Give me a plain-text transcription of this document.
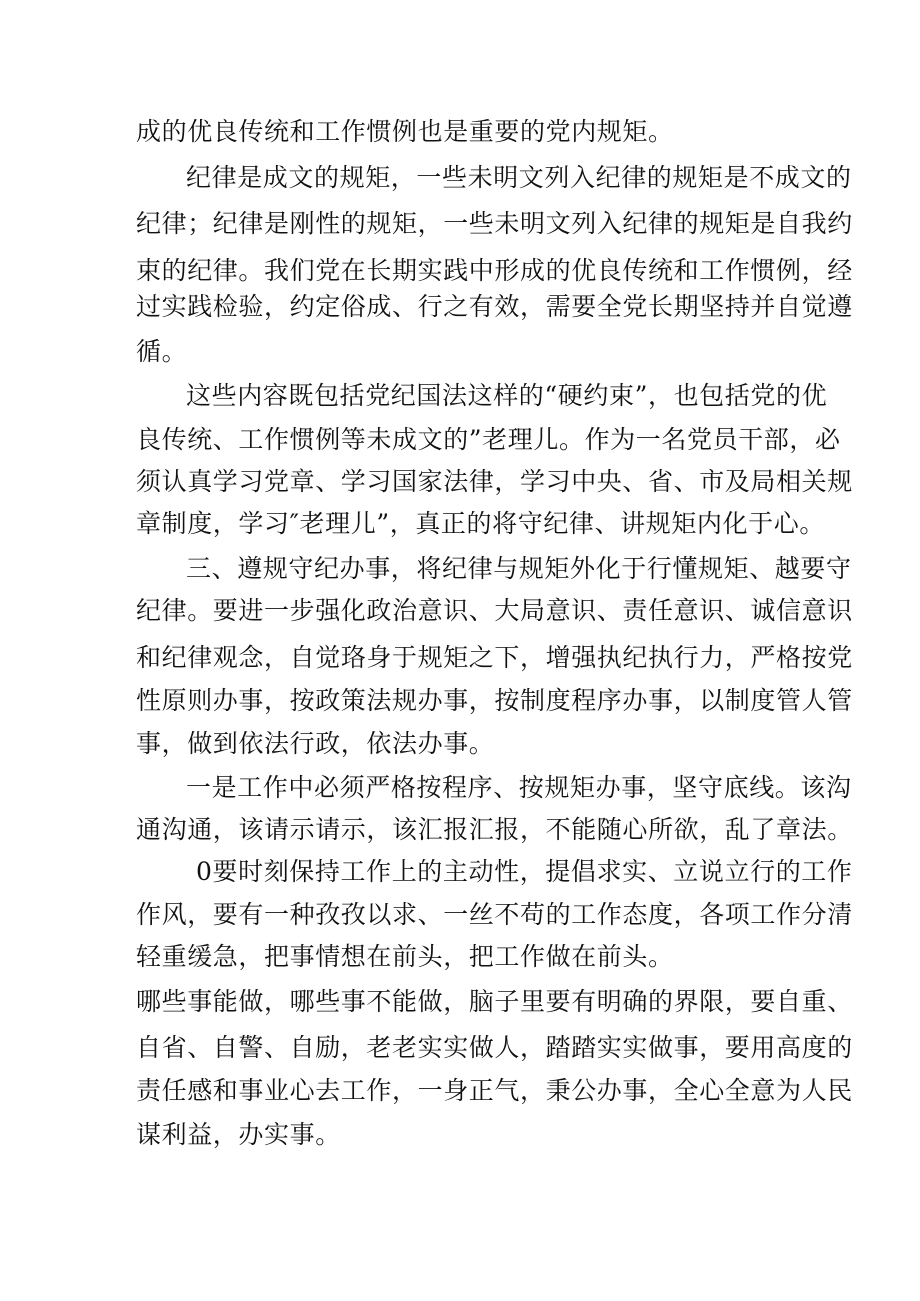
成的优良传统和工作惯例也是重要的党内规矩。
纪律是成文的规矩，一些未明文列入纪律的规矩是不成文的
纪律；纪律是刚性的规矩，一些未明文列入纪律的规矩是自我约
束的纪律。我们党在长期实践中形成的优良传统和工作惯例，经
过实践检验，约定俗成、行之有效，需要全党长期坚持并自觉遵
循。
这些内容既包括党纪国法这样的“硬约束”，也包括党的优
良传统、工作惯例等未成文的”老理儿。作为一名党员干部，必
须认真学习党章、学习国家法律，学习中央、省、市及局相关规
章制度，学习″老理儿”，真正的将守纪律、讲规矩内化于心。
三、遵规守纪办事，将纪律与规矩外化于行懂规矩、越要守
纪律。要进一步强化政治意识、大局意识、责任意识、诚信意识
和纪律观念，自觉珞身于规矩之下，增强执纪执行力，严格按党
性原则办事，按政策法规办事，按制度程序办事，以制度管人管
事，做到依法行政，依法办事。
一是工作中必须严格按程序、按规矩办事，坚守底线。该沟
通沟通，该请示请示，该汇报汇报，不能随心所欲，乱了章法。
0要时刻保持工作上的主动性，提倡求实、立说立行的工作
作风，要有一种孜孜以求、一丝不苟的工作态度，各项工作分清
轻重缓急，把事情想在前头，把工作做在前头。
哪些事能做，哪些事不能做，脑子里要有明确的界限，要自重、
自省、自警、自励，老老实实做人，踏踏实实做事，要用高度的
责任感和事业心去工作，一身正气，秉公办事，全心全意为人民
谋利益，办实事。
